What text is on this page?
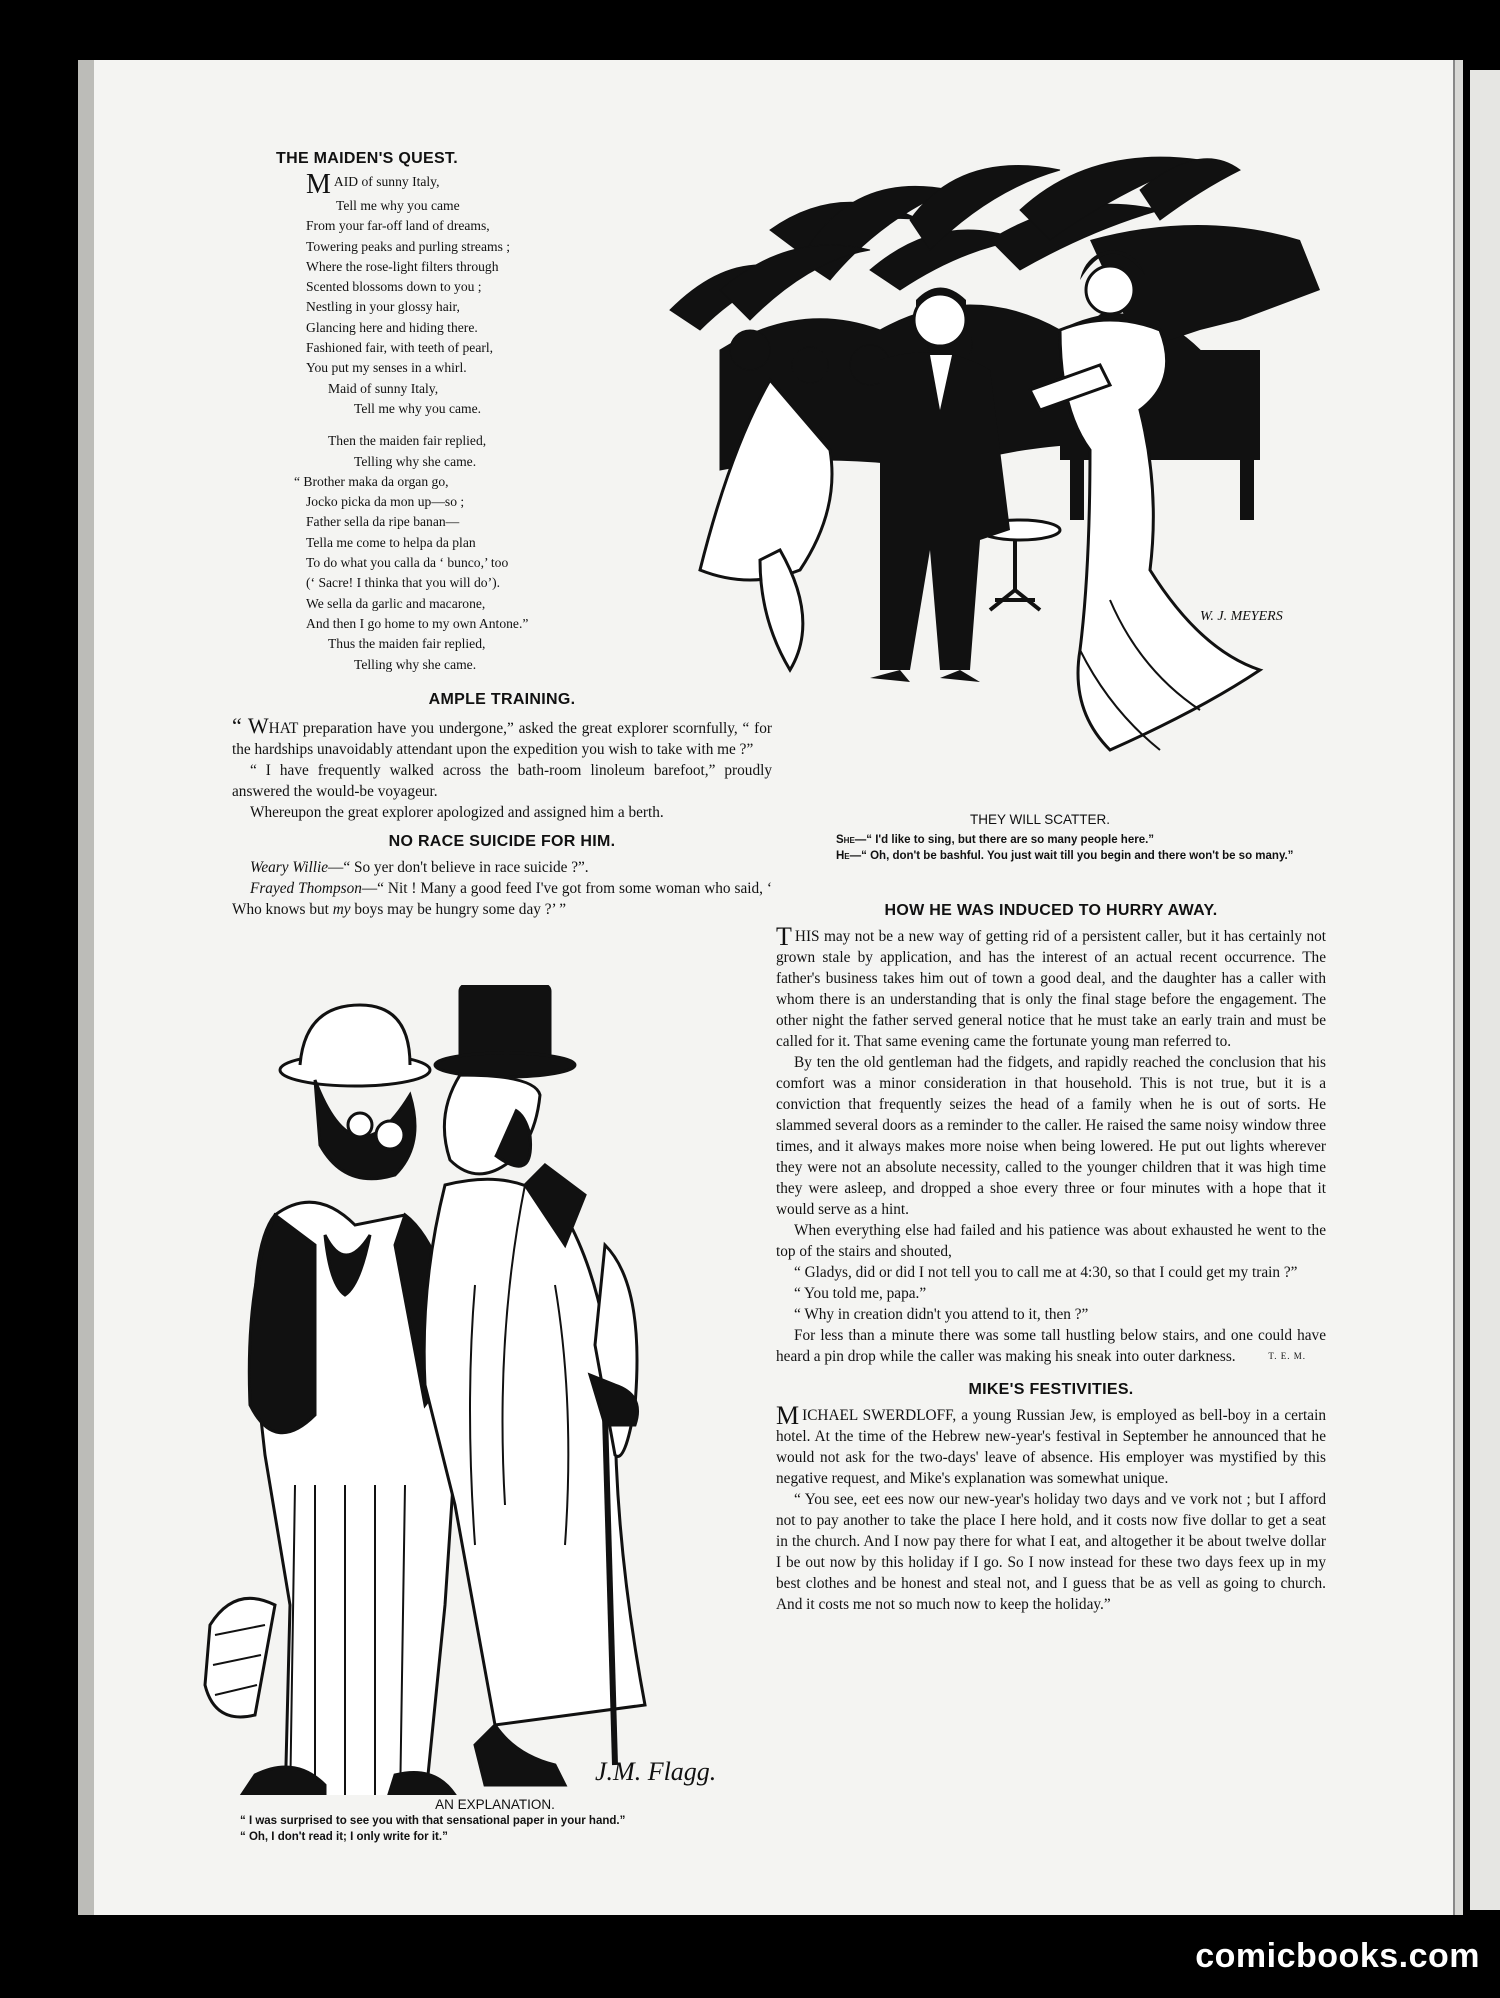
THE MAIDEN'S QUEST.
MAID of sunny Italy,
Tell me why you came
From your far-off land of dreams,
Towering peaks and purling streams ;
Where the rose-light filters through
Scented blossoms down to you ;
Nestling in your glossy hair,
Glancing here and hiding there.
Fashioned fair, with teeth of pearl,
You put my senses in a whirl.
Maid of sunny Italy,
Tell me why you came.
Then the maiden fair replied,
Telling why she came.
“ Brother maka da organ go,
Jocko picka da mon up—so ;
Father sella da ripe banan—
Tella me come to helpa da plan
To do what you calla da ‘ bunco,’ too
(‘ Sacre! I thinka that you will do’).
We sella da garlic and macarone,
And then I go home to my own Antone.”
Thus the maiden fair replied,
Telling why she came.
AMPLE TRAINING.

“ WHAT preparation have you undergone,” asked the great explorer scornfully, “ for the hardships unavoidably attendant upon the expedition you wish to take with me ?”

“ I have frequently walked across the bath-room linoleum barefoot,” proudly answered the would-be voyageur.

Whereupon the great explorer apologized and assigned him a berth.

NO RACE SUICIDE FOR HIM.

Weary Willie—“ So yer don't believe in race suicide ?”.

Frayed Thompson—“ Nit ! Many a good feed I've got from some woman who said, ‘ Who knows but my boys may be hungry some day ?’ ”

W. J. MEYERS
THEY WILL SCATTER.
She—“ I'd like to sing, but there are so many people here.”
He—“ Oh, don't be bashful. You just wait till you begin and there won't be so many.”
HOW HE WAS INDUCED TO HURRY AWAY.

THIS may not be a new way of getting rid of a persistent caller, but it has certainly not grown stale by application, and has the interest of an actual recent occurrence. The father's business takes him out of town a good deal, and the daughter has a caller with whom there is an understanding that is only the final stage before the engagement. The other night the father served general notice that he must take an early train and must be called for it. That same evening came the fortunate young man referred to.

By ten the old gentleman had the fidgets, and rapidly reached the conclusion that his comfort was a minor consideration in that household. This is not true, but it is a conviction that frequently seizes the head of a family when he is out of sorts. He slammed several doors as a reminder to the caller. He raised the same noisy window three times, and it always makes more noise when being lowered. He put out lights wherever they were not an absolute necessity, called to the younger children that it was high time they were asleep, and dropped a shoe every three or four minutes with a hope that it would serve as a hint.

When everything else had failed and his patience was about exhausted he went to the top of the stairs and shouted,

“ Gladys, did or did I not tell you to call me at 4:30, so that I could get my train ?”

“ You told me, papa.”

“ Why in creation didn't you attend to it, then ?”

For less than a minute there was some tall hustling below stairs, and one could have heard a pin drop while the caller was making his sneak into outer darkness.	T. E. M.

MIKE'S FESTIVITIES.

MICHAEL SWERDLOFF, a young Russian Jew, is employed as bell-boy in a certain hotel. At the time of the Hebrew new-year's festival in September he announced that he would not ask for the two-days' leave of absence. His employer was mystified by this negative request, and Mike's explanation was somewhat unique.

“ You see, eet ees now our new-year's holiday two days and ve vork not ; but I afford not to pay another to take the place I here hold, and it costs now five dollar to get a seat in the church. And I now pay there for what I eat, and altogether it be about twelve dollar I be out now by this holiday if I go. So I now instead for these two days feex up in my best clothes and be honest and steal not, and I guess that be as vell as going to church. And it costs me not so much now to keep the holiday.”

J.M. Flagg.
AN EXPLANATION.
“ I was surprised to see you with that sensational paper in your hand.”
“ Oh, I don't read it; I only write for it.”
comicbooks.com
